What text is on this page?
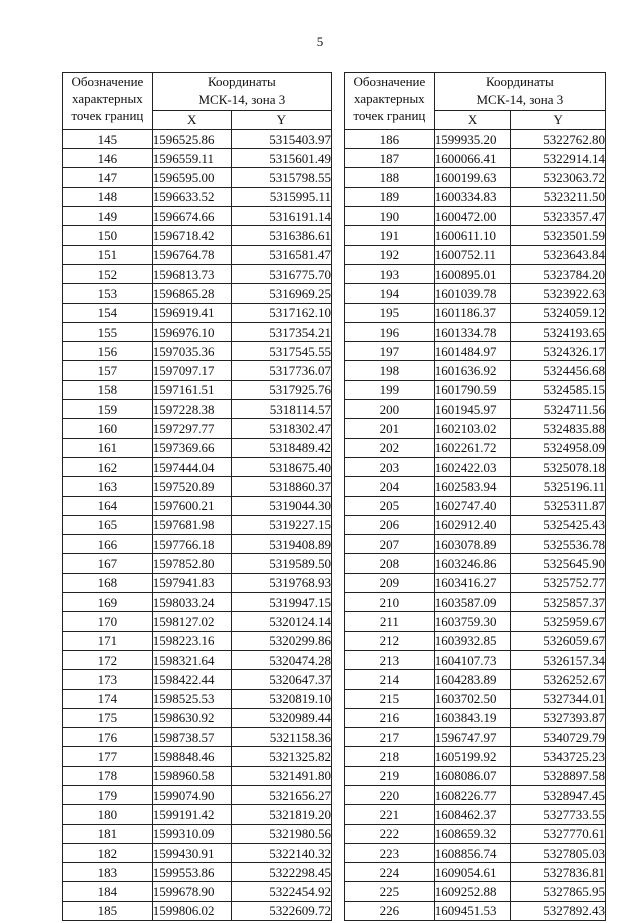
5
Обозначение
характерных
точек границ	Координаты
МСК-14, зона 3	

	X	Y
145	1596525.86	5315403.97
146	1596559.11	5315601.49
147	1596595.00	5315798.55
148	1596633.52	5315995.11
149	1596674.66	5316191.14
150	1596718.42	5316386.61
151	1596764.78	5316581.47
152	1596813.73	5316775.70
153	1596865.28	5316969.25
154	1596919.41	5317162.10
155	1596976.10	5317354.21
156	1597035.36	5317545.55
157	1597097.17	5317736.07
158	1597161.51	5317925.76
159	1597228.38	5318114.57
160	1597297.77	5318302.47
161	1597369.66	5318489.42
162	1597444.04	5318675.40
163	1597520.89	5318860.37
164	1597600.21	5319044.30
165	1597681.98	5319227.15
166	1597766.18	5319408.89
167	1597852.80	5319589.50
168	1597941.83	5319768.93
169	1598033.24	5319947.15
170	1598127.02	5320124.14
171	1598223.16	5320299.86
172	1598321.64	5320474.28
173	1598422.44	5320647.37
174	1598525.53	5320819.10
175	1598630.92	5320989.44
176	1598738.57	5321158.36
177	1598848.46	5321325.82
178	1598960.58	5321491.80
179	1599074.90	5321656.27
180	1599191.42	5321819.20
181	1599310.09	5321980.56
182	1599430.91	5322140.32
183	1599553.86	5322298.45
184	1599678.90	5322454.92
185	1599806.02	5322609.72
Обозначение
характерных
точек границ	Координаты
МСК-14, зона 3	

	X	Y
186	1599935.20	5322762.80
187	1600066.41	5322914.14
188	1600199.63	5323063.72
189	1600334.83	5323211.50
190	1600472.00	5323357.47
191	1600611.10	5323501.59
192	1600752.11	5323643.84
193	1600895.01	5323784.20
194	1601039.78	5323922.63
195	1601186.37	5324059.12
196	1601334.78	5324193.65
197	1601484.97	5324326.17
198	1601636.92	5324456.68
199	1601790.59	5324585.15
200	1601945.97	5324711.56
201	1602103.02	5324835.88
202	1602261.72	5324958.09
203	1602422.03	5325078.18
204	1602583.94	5325196.11
205	1602747.40	5325311.87
206	1602912.40	5325425.43
207	1603078.89	5325536.78
208	1603246.86	5325645.90
209	1603416.27	5325752.77
210	1603587.09	5325857.37
211	1603759.30	5325959.67
212	1603932.85	5326059.67
213	1604107.73	5326157.34
214	1604283.89	5326252.67
215	1603702.50	5327344.01
216	1603843.19	5327393.87
217	1596747.97	5340729.79
218	1605199.92	5343725.23
219	1608086.07	5328897.58
220	1608226.77	5328947.45
221	1608462.37	5327733.55
222	1608659.32	5327770.61
223	1608856.74	5327805.03
224	1609054.61	5327836.81
225	1609252.88	5327865.95
226	1609451.53	5327892.43
